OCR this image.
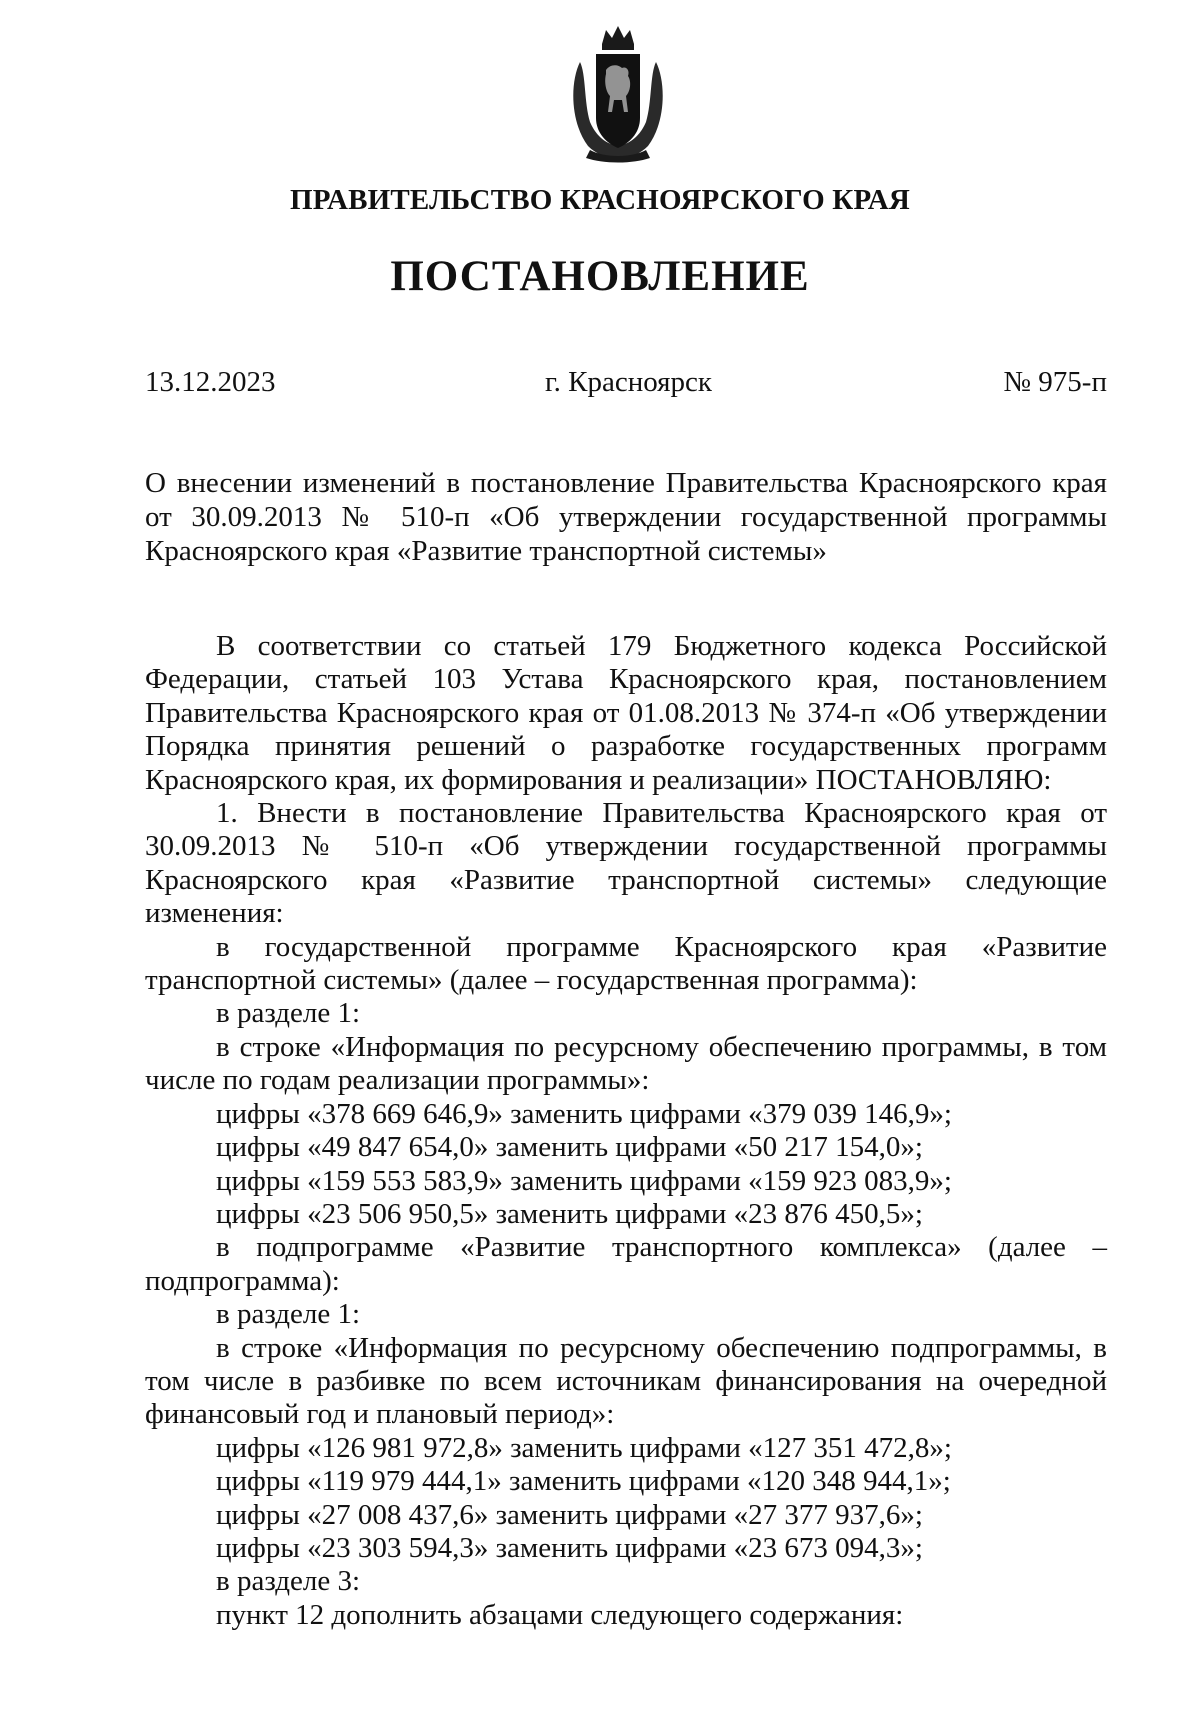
ПРАВИТЕЛЬСТВО КРАСНОЯРСКОГО КРАЯ
ПОСТАНОВЛЕНИЕ
13.12.2023	г. Красноярск	№ 975-п
О внесении изменений в постановление Правительства Красноярского края от 30.09.2013 № 510-п «Об утверждении государственной программы Красноярского края «Развитие транспортной системы»

В соответствии со статьей 179 Бюджетного кодекса Российской Федерации, статьей 103 Устава Красноярского края, постановлением Правительства Красноярского края от 01.08.2013 № 374-п «Об утверждении Порядка принятия решений о разработке государственных программ Красноярского края, их формирования и реализации» ПОСТАНОВЛЯЮ:

1. Внести в постановление Правительства Красноярского края от 30.09.2013 № 510-п «Об утверждении государственной программы Красноярского края «Развитие транспортной системы» следующие изменения:

в государственной программе Красноярского края «Развитие транспортной системы» (далее – государственная программа):

в разделе 1:

в строке «Информация по ресурсному обеспечению программы, в том числе по годам реализации программы»:

цифры «378 669 646,9» заменить цифрами «379 039 146,9»;

цифры «49 847 654,0» заменить цифрами «50 217 154,0»;

цифры «159 553 583,9» заменить цифрами «159 923 083,9»;

цифры «23 506 950,5» заменить цифрами «23 876 450,5»;

в подпрограмме «Развитие транспортного комплекса» (далее – подпрограмма):

в разделе 1:

в строке «Информация по ресурсному обеспечению подпрограммы, в том числе в разбивке по всем источникам финансирования на очередной финансовый год и плановый период»:

цифры «126 981 972,8» заменить цифрами «127 351 472,8»;

цифры «119 979 444,1» заменить цифрами «120 348 944,1»;

цифры «27 008 437,6» заменить цифрами «27 377 937,6»;

цифры «23 303 594,3» заменить цифрами «23 673 094,3»;

в разделе 3:

пункт 12 дополнить абзацами следующего содержания:
